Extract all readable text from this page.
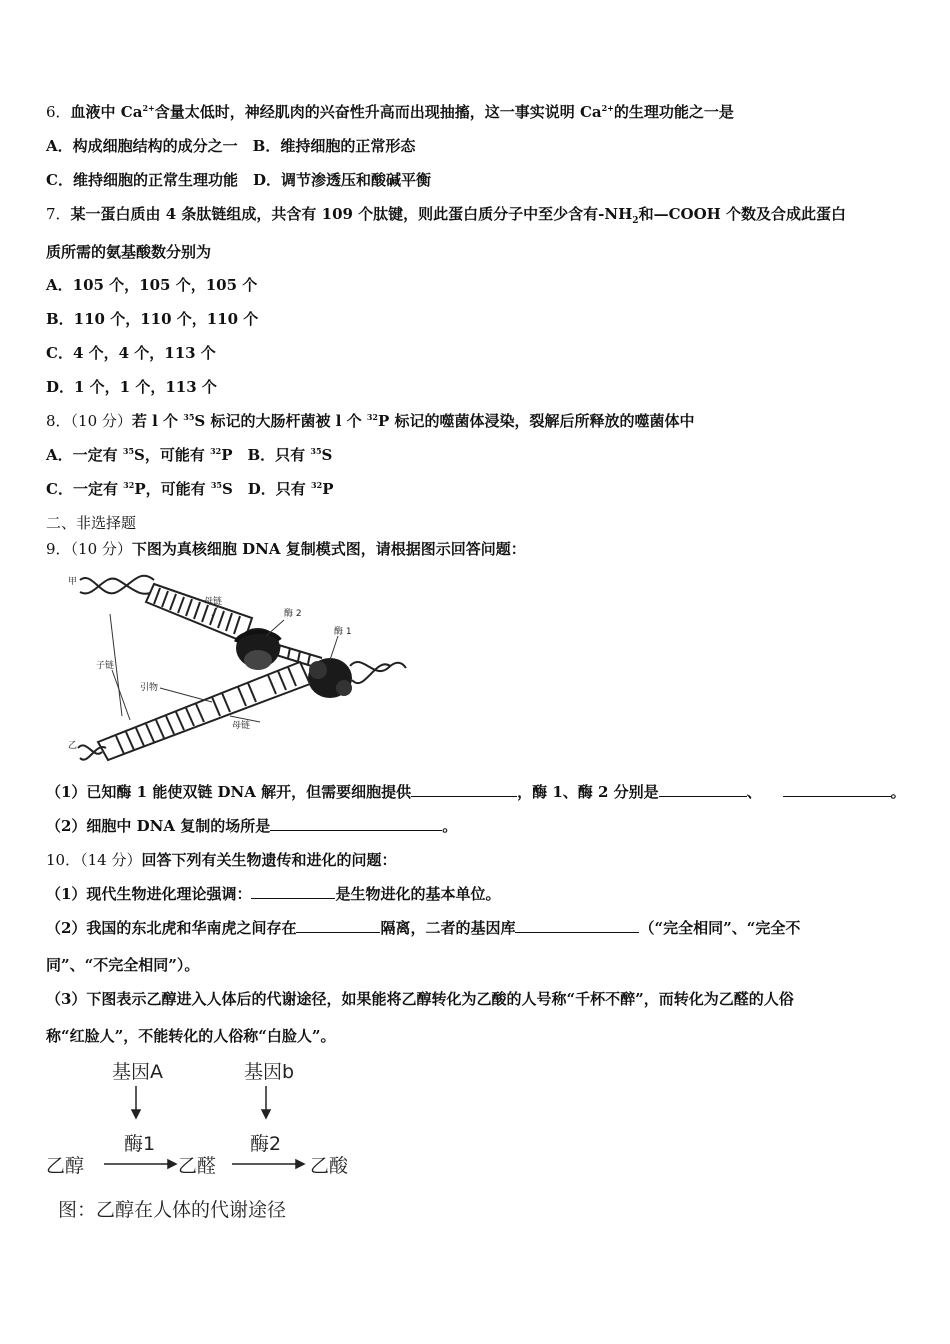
6．血液中 $Ca^{2+}$含量太低时，神经肌肉的兴奋性升高而出现抽搐，这一事实说明 $Ca^{2+}$的生理功能之一是
A．构成细胞结构的成分之一　B．维持细胞的正常形态
C．维持细胞的正常生理功能　D．调节渗透压和酸碱平衡
7．某一蛋白质由 4 条肽链组成，共含有 109 个肽键，则此蛋白质分子中至少含有$-NH_2$和—COOH 个数及合成此蛋白
质所需的氨基酸数分别为
A．105 个，105 个，105 个
B．110 个，110 个，110 个
C．4 个，4 个，113 个
D．1 个，1 个，113 个
8．（10 分）若 l 个 $^{35}$S 标记的大肠杆菌被 l 个 $^{32}$P 标记的噬菌体浸染，裂解后所释放的噬菌体中
A．一定有 $^{35}$S，可能有 $^{32}$P　B．只有 $^{35}$S
C．一定有 $^{32}$P，可能有 $^{35}$S　D．只有 $^{32}$P
二、非选择题
9．（10 分）下图为真核细胞 DNA 复制模式图，请根据图示回答问题：
甲
乙
母链
酶 2
酶 1
子链
引物
母链
（1）已知酶 1 能使双链 DNA 解开，但需要细胞提供	，酶 1、酶 2 分别是	、	。
（2）细胞中 DNA 复制的场所是	。
10．（14 分）回答下列有关生物遗传和进化的问题：
（1）现代生物进化理论强调：	是生物进化的基本单位。
（2）我国的东北虎和华南虎之间存在	隔离，二者的基因库	（“完全相同”、“完全不
同”、“不完全相同”）。
（3）下图表示乙醇进入人体后的代谢途径，如果能将乙醇转化为乙酸的人号称“千杯不醉”，而转化为乙醛的人俗
称“红脸人”，不能转化的人俗称“白脸人”。
基因A	基因b
酶1	酶2
乙醇	乙醛	乙酸
图：乙醇在人体的代谢途径
